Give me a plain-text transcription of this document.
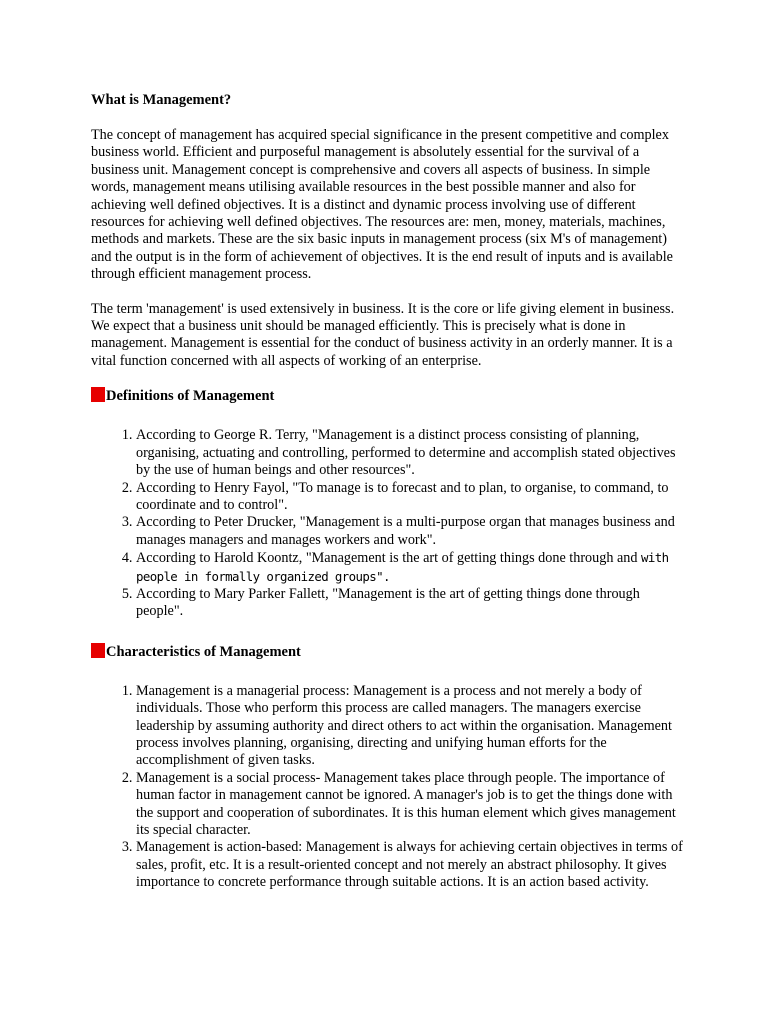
What is Management?

The concept of management has acquired special significance in the present competitive and complex business world. Efficient and purposeful management is absolutely essential for the survival of a business unit. Management concept is comprehensive and covers all aspects of business. In simple words, management means utilising available resources in the best possible manner and also for achieving well defined objectives. It is a distinct and dynamic process involving use of different resources for achieving well defined objectives. The resources are: men, money, materials, machines, methods and markets. These are the six basic inputs in management process (six M's of management) and the output is in the form of achievement of objectives. It is the end result of inputs and is available through efficient management process.

The term 'management' is used extensively in business. It is the core or life giving element in business. We expect that a business unit should be managed efficiently. This is precisely what is done in management. Management is essential for the conduct of business activity in an orderly manner. It is a vital function concerned with all aspects of working of an enterprise.

Definitions of Management
1. According to George R. Terry, "Management is a distinct process consisting of planning, organising, actuating and controlling, performed to determine and accomplish stated objectives by the use of human beings and other resources".
2. According to Henry Fayol, "To manage is to forecast and to plan, to organise, to command, to coordinate and to control".
3. According to Peter Drucker, "Management is a multi-purpose organ that manages business and manages managers and manages workers and work".
4. According to Harold Koontz, "Management is the art of getting things done through and with people in formally organized groups".
5. According to Mary Parker Fallett, "Management is the art of getting things done through people".
Characteristics of Management
1. Management is a managerial process: Management is a process and not merely a body of individuals. Those who perform this process are called managers. The managers exercise leadership by assuming authority and direct others to act within the organisation. Management process involves planning, organising, directing and unifying human efforts for the accomplishment of given tasks.
2. Management is a social process- Management takes place through people. The importance of human factor in management cannot be ignored. A manager's job is to get the things done with the support and cooperation of subordinates. It is this human element which gives management its special character.
3. Management is action-based: Management is always for achieving certain objectives in terms of sales, profit, etc. It is a result-oriented concept and not merely an abstract philosophy. It gives importance to concrete performance through suitable actions. It is an action based activity.
